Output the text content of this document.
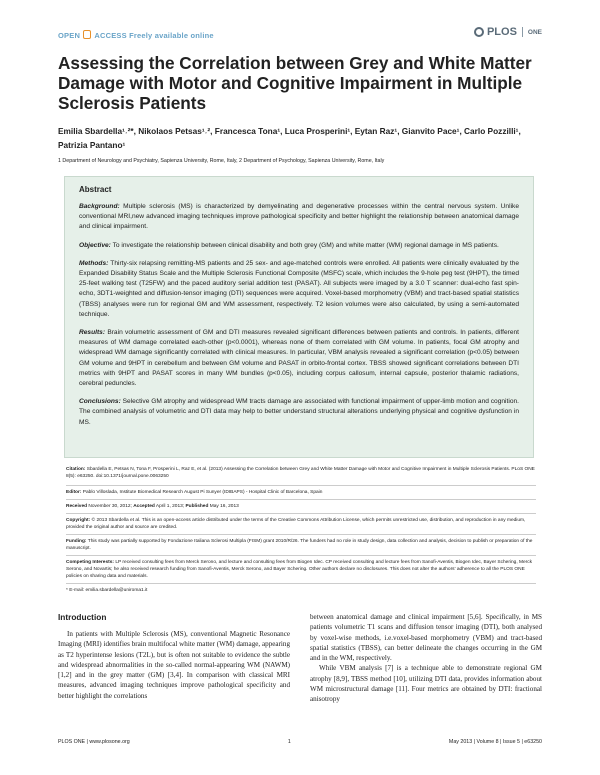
OPEN ACCESS Freely available online	PLOS ONE
Assessing the Correlation between Grey and White Matter Damage with Motor and Cognitive Impairment in Multiple Sclerosis Patients
Emilia Sbardella¹˒²*, Nikolaos Petsas¹˒², Francesca Tona¹, Luca Prosperini¹, Eytan Raz¹, Gianvito Pace¹, Carlo Pozzilli¹, Patrizia Pantano¹
1 Department of Neurology and Psychiatry, Sapienza University, Rome, Italy, 2 Department of Psychology, Sapienza University, Rome, Italy
Abstract

Background: Multiple sclerosis (MS) is characterized by demyelinating and degenerative processes within the central nervous system. Unlike conventional MRI,new advanced imaging techniques improve pathological specificity and better highlight the relationship between anatomical damage and clinical impairment.

Objective: To investigate the relationship between clinical disability and both grey (GM) and white matter (WM) regional damage in MS patients.

Methods: Thirty-six relapsing remitting-MS patients and 25 sex- and age-matched controls were enrolled. All patients were clinically evaluated by the Expanded Disability Status Scale and the Multiple Sclerosis Functional Composite (MSFC) scale, which includes the 9-hole peg test (9HPT), the timed 25-feet walking test (T25FW) and the paced auditory serial addition test (PASAT). All subjects were imaged by a 3.0 T scanner: dual-echo fast spin-echo, 3DT1-weighted and diffusion-tensor imaging (DTI) sequences were acquired. Voxel-based morphometry (VBM) and tract-based spatial statistics (TBSS) analyses were run for regional GM and WM assessment, respectively. T2 lesion volumes were also calculated, by using a semi-automated technique.

Results: Brain volumetric assessment of GM and DTI measures revealed significant differences between patients and controls. In patients, different measures of WM damage correlated each-other (p<0.0001), whereas none of them correlated with GM volume. In patients, focal GM atrophy and widespread WM damage significantly correlated with clinical measures. In particular, VBM analysis revealed a significant correlation (p<0.05) between GM volume and 9HPT in cerebellum and between GM volume and PASAT in orbito-frontal cortex. TBSS showed significant correlations between DTI metrics with 9HPT and PASAT scores in many WM bundles (p<0.05), including corpus callosum, internal capsule, posterior thalamic radiations, cerebral peduncles.

Conclusions: Selective GM atrophy and widespread WM tracts damage are associated with functional impairment of upper-limb motion and cognition. The combined analysis of volumetric and DTI data may help to better understand structural alterations underlying physical and cognitive dysfunction in MS.

Citation: Sbardella E, Petsas N, Tona F, Prosperini L, Raz E, et al. (2013) Assessing the Correlation between Grey and White Matter Damage with Motor and Cognitive Impairment in Multiple Sclerosis Patients. PLoS ONE 8(5): e63250. doi:10.1371/journal.pone.0063250
Editor: Pablo Villoslada, Institute Biomedical Research August Pi Sunyer (IDIBAPS) - Hospital Clinic of Barcelona, Spain
Received November 30, 2012; Accepted April 1, 2013; Published May 16, 2013
Copyright: © 2013 Sbardella et al. This is an open-access article distributed under the terms of the Creative Commons Attribution License, which permits unrestricted use, distribution, and reproduction in any medium, provided the original author and source are credited.
Funding: This study was partially supported by Fondazione Italiana Sclerosi Multipla (FISM) grant 2010/R/26. The funders had no role in study design, data collection and analysis, decision to publish or preparation of the manuscript.
Competing Interests: LP received consulting fees from Merck Serono, and lecture and consulting fees from Biogen Idec. CP received consulting and lecture fees from Sanofi-Aventis, Biogen Idec, Bayer Schering, Merck Serono, and Novartis; he also received research funding from Sanofi-Aventis, Merck Serono, and Bayer Schering. Other authors declare no disclosures. This does not alter the authors' adherence to all the PLOS ONE policies on sharing data and materials.
* E-mail: emilia.sbardella@uniroma1.it
Introduction

In patients with Multiple Sclerosis (MS), conventional Magnetic Resonance Imaging (MRI) identifies brain multifocal white matter (WM) damage, appearing as T2 hyperintense lesions (T2L), but is often not suitable to evidence the subtle and widespread abnormalities in the so-called normal-appearing WM (NAWM) [1,2] and in the grey matter (GM) [3,4]. In comparison with classical MRI measures, advanced imaging techniques improve pathological specificity and better highlight the correlations

between anatomical damage and clinical impairment [5,6]. Specifically, in MS patients volumetric T1 scans and diffusion tensor imaging (DTI), both analysed by voxel-wise methods, i.e.voxel-based morphometry (VBM) and tract-based spatial statistics (TBSS), can better delineate the changes occurring in the GM and in the WM, respectively.

While VBM analysis [7] is a technique able to demonstrate regional GM atrophy [8,9], TBSS method [10], utilizing DTI data, provides information about WM microstructural damage [11]. Four metrics are obtained by DTI: fractional anisotropy

PLOS ONE | www.plosone.org	1	May 2013 | Volume 8 | Issue 5 | e63250
